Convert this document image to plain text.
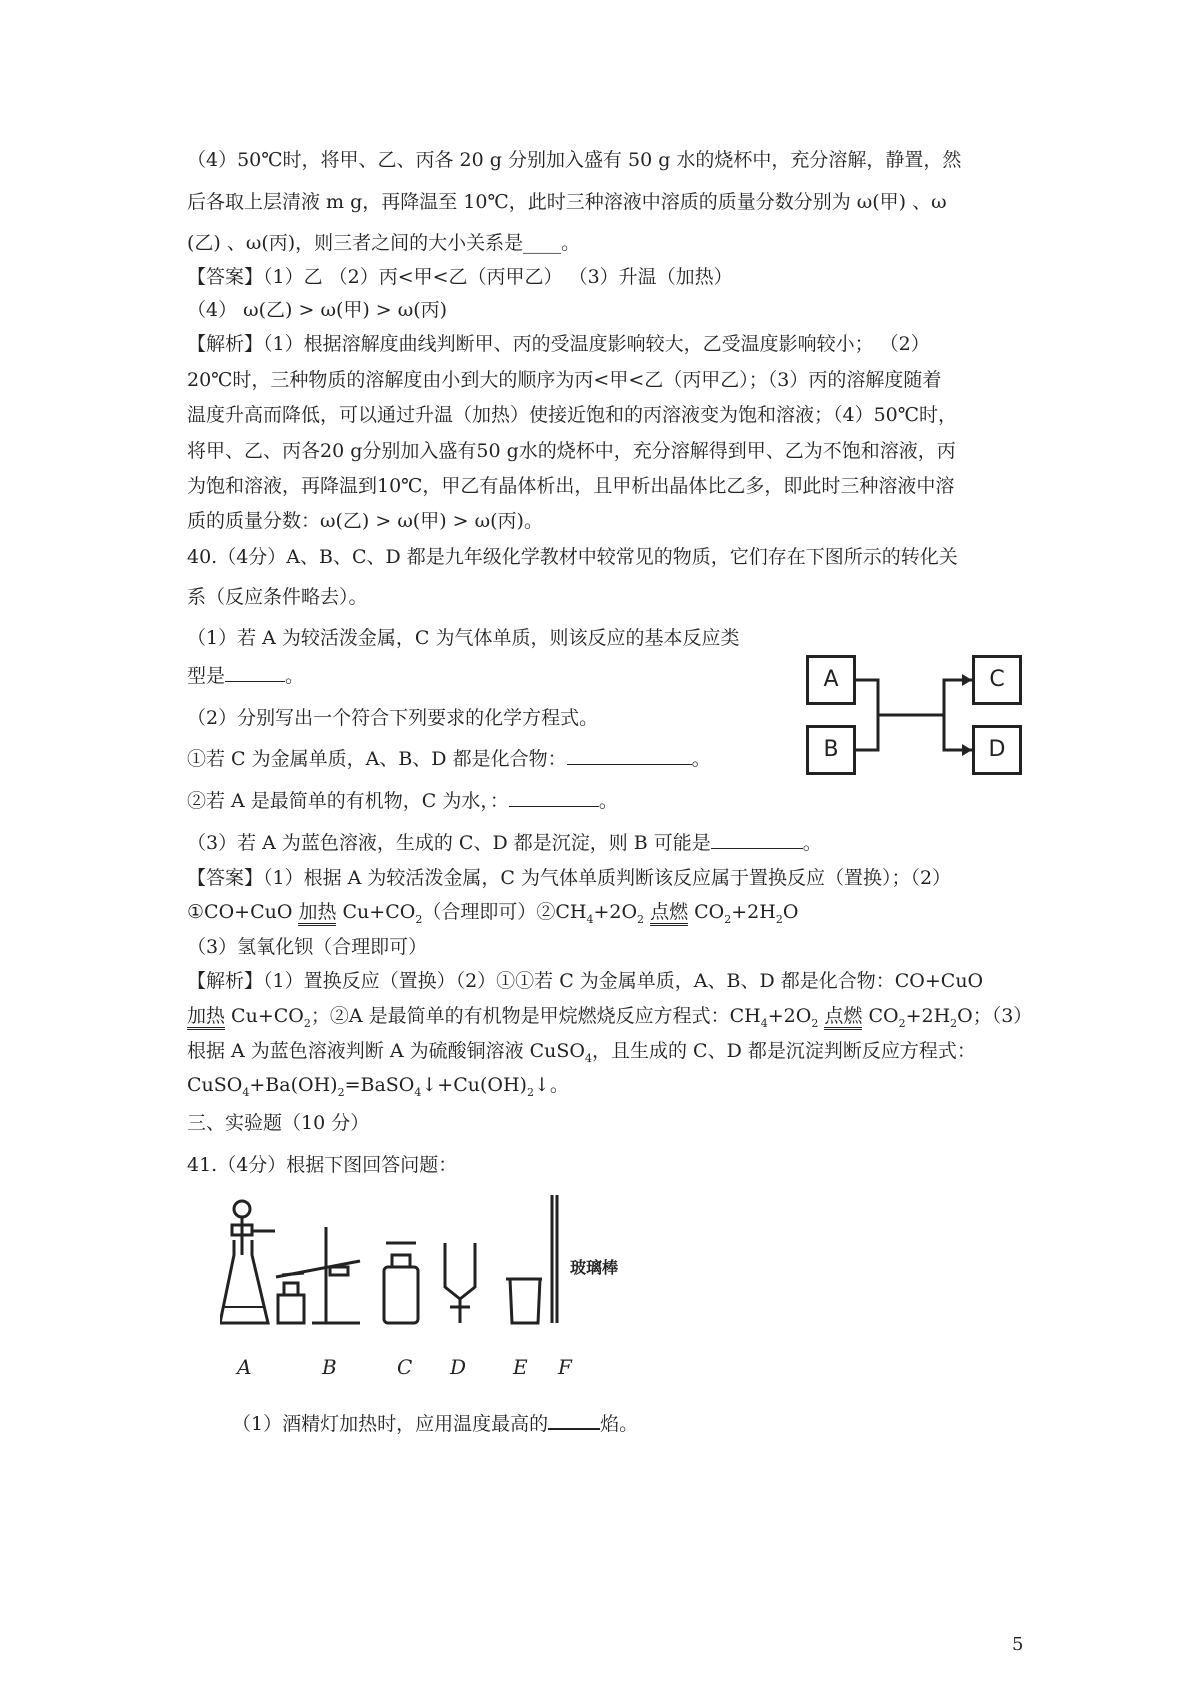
（4）50℃时，将甲、乙、丙各 20 g 分别加入盛有 50 g 水的烧杯中，充分溶解，静置，然
后各取上层清液 m g，再降温至 10℃，此时三种溶液中溶质的质量分数分别为 ω(甲) 、ω
(乙) 、ω(丙)，则三者之间的大小关系是____。
【答案】（1）乙 （2）丙<甲<乙（丙甲乙） （3）升温（加热）
（4） ω(乙) > ω(甲) > ω(丙)
【解析】（1）根据溶解度曲线判断甲、丙的受温度影响较大，乙受温度影响较小； （2）
20℃时，三种物质的溶解度由小到大的顺序为丙<甲<乙（丙甲乙）；（3）丙的溶解度随着
温度升高而降低，可以通过升温（加热）使接近饱和的丙溶液变为饱和溶液；（4）50℃时，
将甲、乙、丙各20 g分别加入盛有50 g水的烧杯中，充分溶解得到甲、乙为不饱和溶液，丙
为饱和溶液，再降温到10℃，甲乙有晶体析出，且甲析出晶体比乙多，即此时三种溶液中溶
质的质量分数：ω(乙) > ω(甲) > ω(丙)。
40.（4分）A、B、C、D 都是九年级化学教材中较常见的物质，它们存在下图所示的转化关
系（反应条件略去）。
（1）若 A 为较活泼金属，C 为气体单质，则该反应的基本反应类
型是	。
（2）分别写出一个符合下列要求的化学方程式。
①若 C 为金属单质，A、B、D 都是化合物：	。
②若 A 是最简单的有机物，C 为水，：	。
（3）若 A 为蓝色溶液，生成的 C、D 都是沉淀，则 B 可能是	。
【答案】（1）根据 A 为较活泼金属，C 为气体单质判断该反应属于置换反应（置换）；（2）
①CO+CuO 加热 $Cu+CO_2$（合理即可）$②CH_4+2O_2$ 点燃 $CO_2+2H_2O$
（3）氢氧化钡（合理即可）
【解析】（1）置换反应（置换）（2）①①若 C 为金属单质，A、B、D 都是化合物：CO+CuO
加热 $Cu+CO_2$；②A 是最简单的有机物是甲烷燃烧反应方程式：$CH_4+2O_2$ 点燃 $CO_2+2H_2O$；（3）
根据 A 为蓝色溶液判断 A 为硫酸铜溶液 CuSO$_4$，且生成的 C、D 都是沉淀判断反应方程式：
$CuSO_4+Ba(OH)_2=BaSO_4↓+Cu(OH)_2↓$。
A
B
C
D
三、实验题（10 分）
41.（4分）根据下图回答问题：
玻璃棒
A	B	C D E F
（1）酒精灯加热时，应用温度最高的	焰。
5
